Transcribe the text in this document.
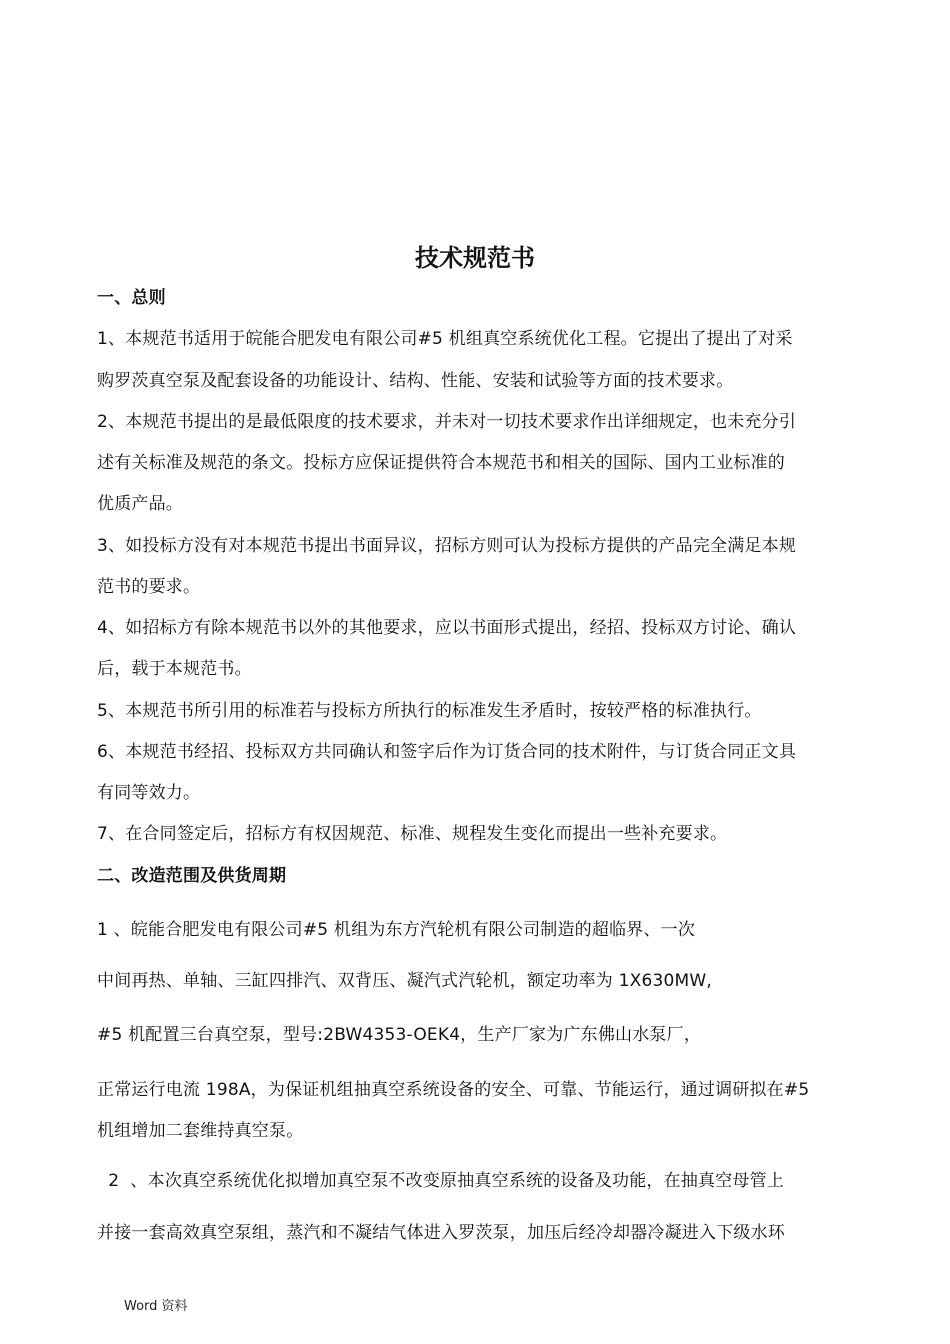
技术规范书
一、总则
1、本规范书适用于皖能合肥发电有限公司#5 机组真空系统优化工程。它提出了提出了对采
购罗茨真空泵及配套设备的功能设计、结构、性能、安装和试验等方面的技术要求。
2、本规范书提出的是最低限度的技术要求，并未对一切技术要求作出详细规定，也未充分引
述有关标准及规范的条文。投标方应保证提供符合本规范书和相关的国际、国内工业标准的
优质产品。
3、如投标方没有对本规范书提出书面异议，招标方则可认为投标方提供的产品完全满足本规
范书的要求。
4、如招标方有除本规范书以外的其他要求，应以书面形式提出，经招、投标双方讨论、确认
后，载于本规范书。
5、本规范书所引用的标准若与投标方所执行的标准发生矛盾时，按较严格的标准执行。
6、本规范书经招、投标双方共同确认和签字后作为订货合同的技术附件，与订货合同正文具
有同等效力。
7、在合同签定后，招标方有权因规范、标准、规程发生变化而提出一些补充要求。
二、改造范围及供货周期
1 、皖能合肥发电有限公司#5 机组为东方汽轮机有限公司制造的超临界、一次
中间再热、单轴、三缸四排汽、双背压、凝汽式汽轮机，额定功率为 1X630MW,
#5 机配置三台真空泵，型号:2BW4353-OEK4，生产厂家为广东佛山水泵厂，
正常运行电流 198A，为保证机组抽真空系统设备的安全、可靠、节能运行，通过调研拟在#5
机组增加二套维持真空泵。
2  、本次真空系统优化拟增加真空泵不改变原抽真空系统的设备及功能，在抽真空母管上
并接一套高效真空泵组，蒸汽和不凝结气体进入罗茨泵，加压后经冷却器冷凝进入下级水环
Word 资料
